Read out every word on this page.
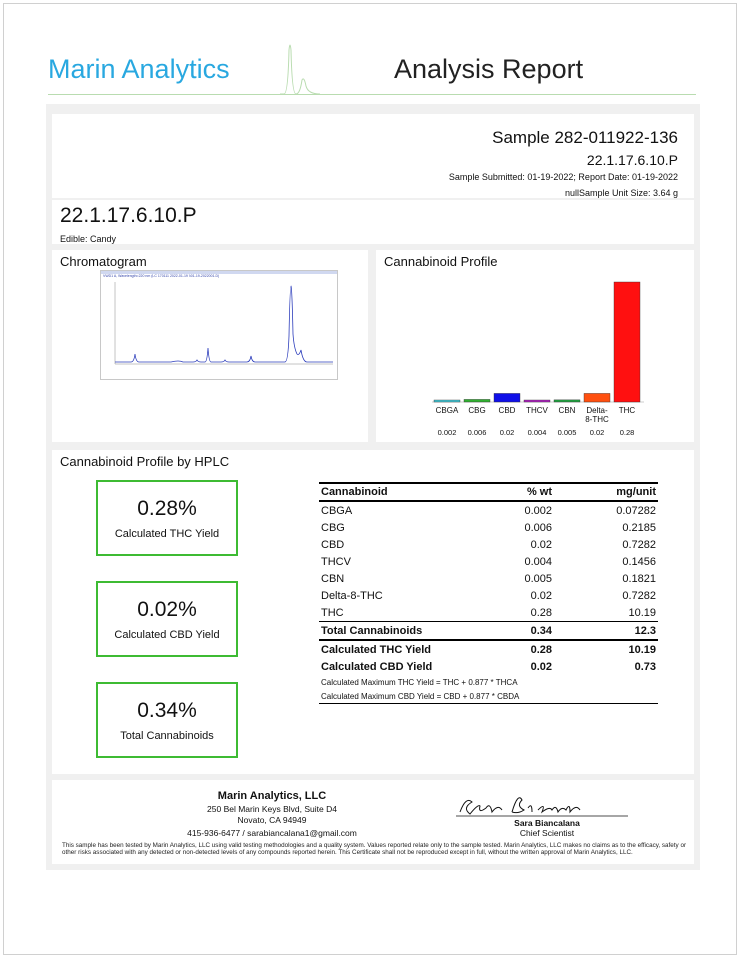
Marin Analytics	Analysis Report
Sample 282-011922-136
22.1.17.6.10.P
Sample Submitted: 01-19-2022; Report Date: 01-19-2022
nullSample Unit Size: 3.64 g
22.1.17.6.10.P
Edible: Candy
Chromatogram
VWD1 A, Wavelength=220 nm (LC 170111 2022-01-19 \\01-19-2022001.D)
Cannabinoid Profile
CBGA
0.002
CBG
0.006
CBD
0.02
THCV
0.004
CBN
0.005
Delta-
8-THC
0.02
THC
0.28
Cannabinoid Profile by HPLC
0.28%
Calculated THC Yield
0.02%
Calculated CBD Yield
0.34%
Total Cannabinoids
Cannabinoid	% wt	mg/unit
CBGA	0.002	0.07282
CBG	0.006	0.2185
CBD	0.02	0.7282
THCV	0.004	0.1456
CBN	0.005	0.1821
Delta-8-THC	0.02	0.7282
THC	0.28	10.19
Total Cannabinoids	0.34	12.3
Calculated THC Yield	0.28	10.19
Calculated CBD Yield	0.02	0.73
Calculated Maximum THC Yield = THC + 0.877 * THCA		
Calculated Maximum CBD Yield = CBD + 0.877 * CBDA		
Marin Analytics, LLC
250 Bel Marin Keys Blvd, Suite D4
Novato, CA 94949
415-936-6477 / sarabiancalana1@gmail.com
Sara Biancalana
Chief Scientist
This sample has been tested by Marin Analytics, LLC using valid testing methodologies and a quality system. Values reported relate only to the sample tested. Marin Analytics, LLC makes no claims as to the efficacy, safety or other risks associated with any detected or non-detected levels of any compounds reported herein. This Certificate shall not be reproduced except in full, without the written approval of Marin Analytics, LLC.
